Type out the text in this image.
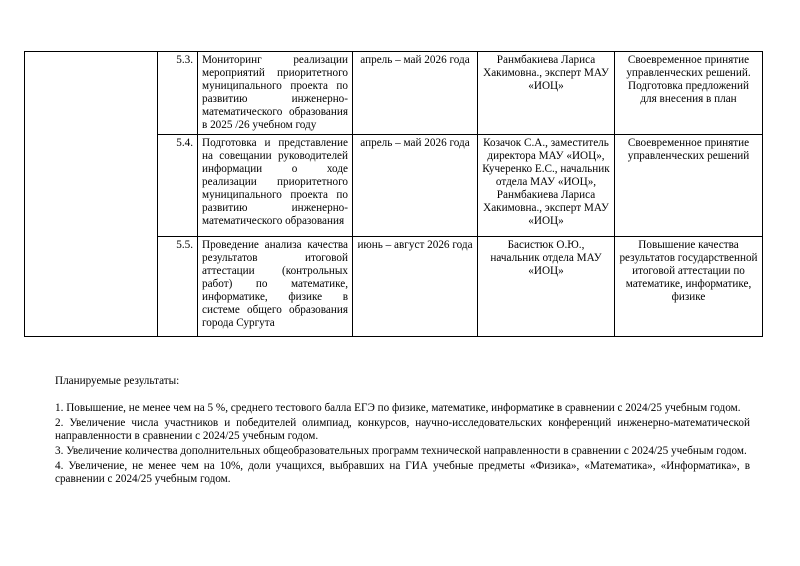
	5.3.	Мониторинг реализации мероприятий приоритетного муниципального проекта по развитию инженерно-математического образования в 2025 /26 учебном году	апрель – май 2026 года	Ранмбакиева Лариса Хакимовна., эксперт МАУ «ИОЦ»	Своевременное принятие управленческих решений. Подготовка предложений для внесения в план
	5.4.	Подготовка и представление на совещании руководителей информации о ходе реализации приоритетного муниципального проекта по развитию инженерно-математического образования	апрель – май 2026 года	Козачок С.А., заместитель директора МАУ «ИОЦ», Кучеренко Е.С., начальник отдела МАУ «ИОЦ», Ранмбакиева Лариса Хакимовна., эксперт МАУ «ИОЦ»	Своевременное принятие управленческих решений
	5.5.	Проведение анализа качества результатов итоговой аттестации (контрольных работ) по математике, информатике, физике в системе общего образования города Сургута	июнь – август 2026 года	Басистюк О.Ю., начальник отдела МАУ «ИОЦ»	Повышение качества результатов государственной итоговой аттестации по математике, информатике, физике

Планируемые результаты:

1. Повышение, не менее чем на 5 %, среднего тестового балла ЕГЭ по физике, математике, информатике в сравнении с 2024/25 учебным годом.

2. Увеличение числа участников и победителей олимпиад, конкурсов, научно-исследовательских конференций инженерно-математической направленности в сравнении с 2024/25 учебным годом.

3. Увеличение количества дополнительных общеобразовательных программ технической направленности в сравнении с 2024/25 учебным годом.

4. Увеличение, не менее чем на 10%, доли учащихся, выбравших на ГИА учебные предметы «Физика», «Математика», «Информатика», в сравнении с 2024/25 учебным годом.
